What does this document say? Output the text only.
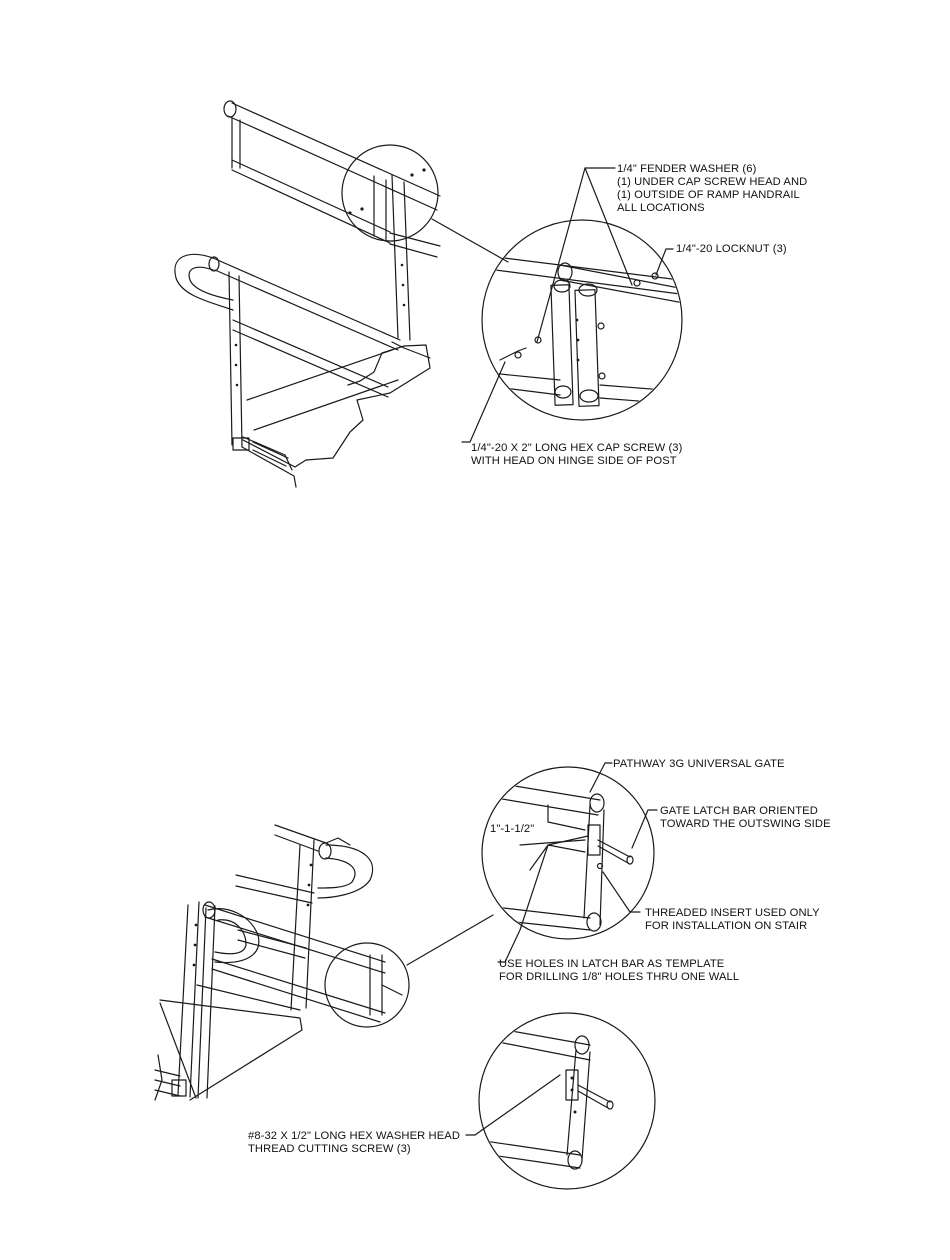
1/4" FENDER WASHER (6)
(1) UNDER CAP SCREW HEAD AND
(1) OUTSIDE OF RAMP HANDRAIL
ALL LOCATIONS
1/4"-20 LOCKNUT (3)
1/4"-20 X 2" LONG HEX CAP SCREW (3)
WITH HEAD ON HINGE SIDE OF POST
PATHWAY 3G UNIVERSAL GATE
GATE LATCH BAR ORIENTED
TOWARD THE OUTSWING SIDE
1"-1-1/2"
THREADED INSERT USED ONLY
FOR INSTALLATION ON STAIR
USE HOLES IN LATCH BAR AS TEMPLATE
FOR DRILLING 1/8" HOLES THRU ONE WALL
#8-32 X 1/2" LONG HEX WASHER HEAD
THREAD CUTTING SCREW (3)
